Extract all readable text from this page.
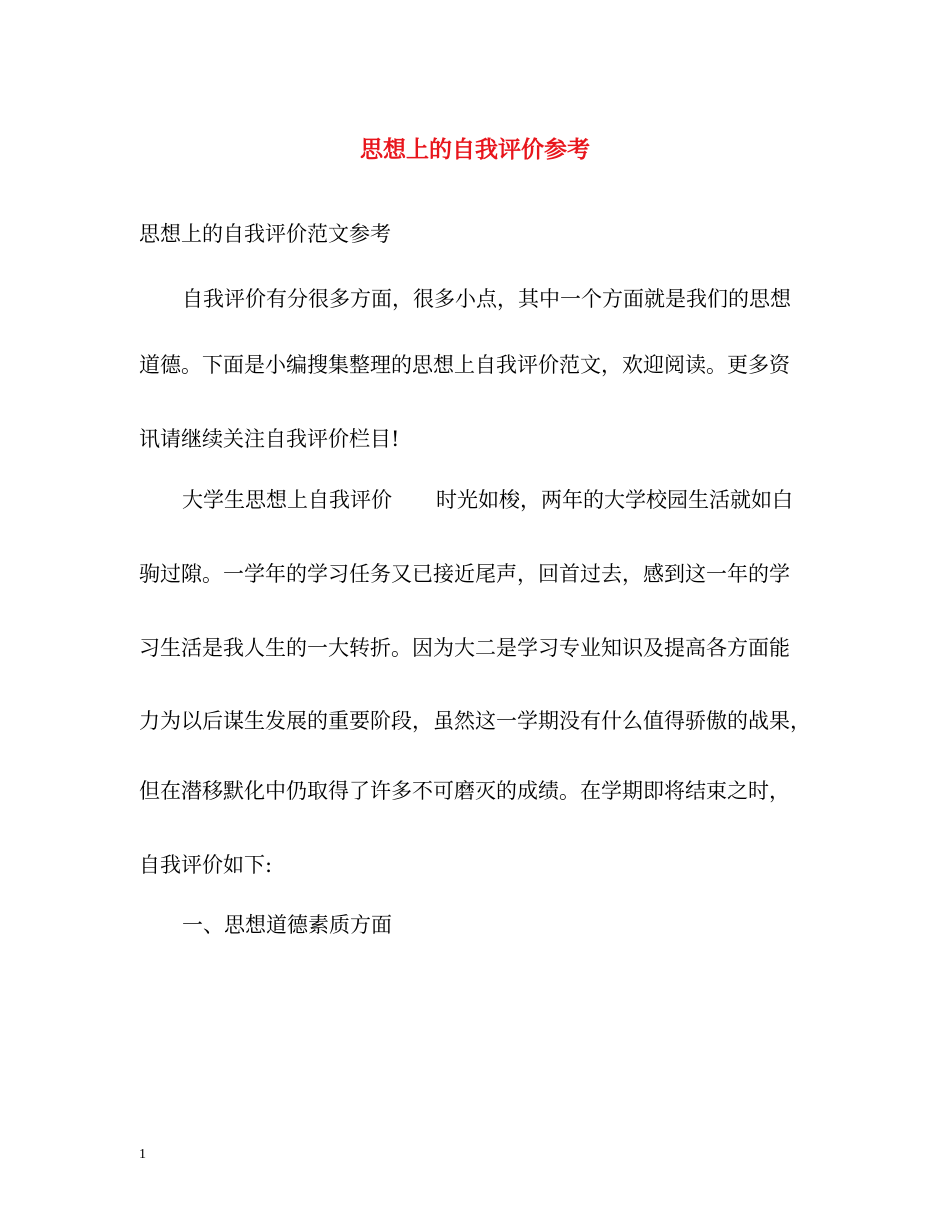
思想上的自我评价参考
思想上的自我评价范文参考
自我评价有分很多方面，很多小点，其中一个方面就是我们的思想
道德。下面是小编搜集整理的思想上自我评价范文，欢迎阅读。更多资
讯请继续关注自我评价栏目!
大学生思想上自我评价 时光如梭，两年的大学校园生活就如白
驹过隙。一学年的学习任务又已接近尾声，回首过去，感到这一年的学
习生活是我人生的一大转折。因为大二是学习专业知识及提高各方面能
力为以后谋生发展的重要阶段，虽然这一学期没有什么值得骄傲的战果，
但在潜移默化中仍取得了许多不可磨灭的成绩。在学期即将结束之时，
自我评价如下:
一、思想道德素质方面
1
